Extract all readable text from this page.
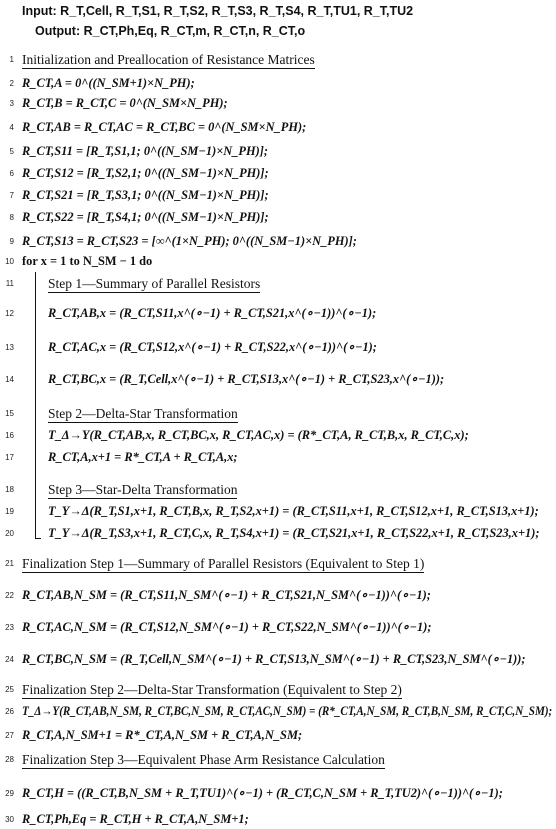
Input: R_T,Cell, R_T,S1, R_T,S2, R_T,S3, R_T,S4, R_T,TU1, R_T,TU2
Output: R_CT,Ph,Eq, R_CT,m, R_CT,n, R_CT,o
1 Initialization and Preallocation of Resistance Matrices
2 R_CT,A = 0^((N_SM+1)×N_PH);
3 R_CT,B = R_CT,C = 0^(N_SM×N_PH);
4 R_CT,AB = R_CT,AC = R_CT,BC = 0^(N_SM×N_PH);
5 R_CT,S11 = [R_T,S1,1; 0^((N_SM−1)×N_PH)];
6 R_CT,S12 = [R_T,S2,1; 0^((N_SM−1)×N_PH)];
7 R_CT,S21 = [R_T,S3,1; 0^((N_SM−1)×N_PH)];
8 R_CT,S22 = [R_T,S4,1; 0^((N_SM−1)×N_PH)];
9 R_CT,S13 = R_CT,S23 = [∞^(1×N_PH); 0^((N_SM−1)×N_PH)];
10 for x = 1 to N_SM − 1 do
11	Step 1—Summary of Parallel Resistors
12	R_CT,AB,x = (R_CT,S11,x^(∘−1) + R_CT,S21,x^(∘−1))^(∘−1);
13	R_CT,AC,x = (R_CT,S12,x^(∘−1) + R_CT,S22,x^(∘−1))^(∘−1);
14	R_CT,BC,x = (R_T,Cell,x^(∘−1) + R_CT,S13,x^(∘−1) + R_CT,S23,x^(∘−1));
15	Step 2—Delta-Star Transformation
16	T_Δ→Y(R_CT,AB,x, R_CT,BC,x, R_CT,AC,x) = (R*_CT,A, R_CT,B,x, R_CT,C,x);
17	R_CT,A,x+1 = R*_CT,A + R_CT,A,x;
18	Step 3—Star-Delta Transformation
19	T_Y→Δ(R_T,S1,x+1, R_CT,B,x, R_T,S2,x+1) = (R_CT,S11,x+1, R_CT,S12,x+1, R_CT,S13,x+1);
20	T_Y→Δ(R_T,S3,x+1, R_CT,C,x, R_T,S4,x+1) = (R_CT,S21,x+1, R_CT,S22,x+1, R_CT,S23,x+1);
21 Finalization Step 1—Summary of Parallel Resistors (Equivalent to Step 1)
22 R_CT,AB,N_SM = (R_CT,S11,N_SM^(∘−1) + R_CT,S21,N_SM^(∘−1))^(∘−1);
23 R_CT,AC,N_SM = (R_CT,S12,N_SM^(∘−1) + R_CT,S22,N_SM^(∘−1))^(∘−1);
24 R_CT,BC,N_SM = (R_T,Cell,N_SM^(∘−1) + R_CT,S13,N_SM^(∘−1) + R_CT,S23,N_SM^(∘−1));
25 Finalization Step 2—Delta-Star Transformation (Equivalent to Step 2)
26 T_Δ→Y(R_CT,AB,N_SM, R_CT,BC,N_SM, R_CT,AC,N_SM) = (R*_CT,A,N_SM, R_CT,B,N_SM, R_CT,C,N_SM);
27 R_CT,A,N_SM+1 = R*_CT,A,N_SM + R_CT,A,N_SM;
28 Finalization Step 3—Equivalent Phase Arm Resistance Calculation
29 R_CT,H = ((R_CT,B,N_SM + R_T,TU1)^(∘−1) + (R_CT,C,N_SM + R_T,TU2)^(∘−1))^(∘−1);
30 R_CT,Ph,Eq = R_CT,H + R_CT,A,N_SM+1;
